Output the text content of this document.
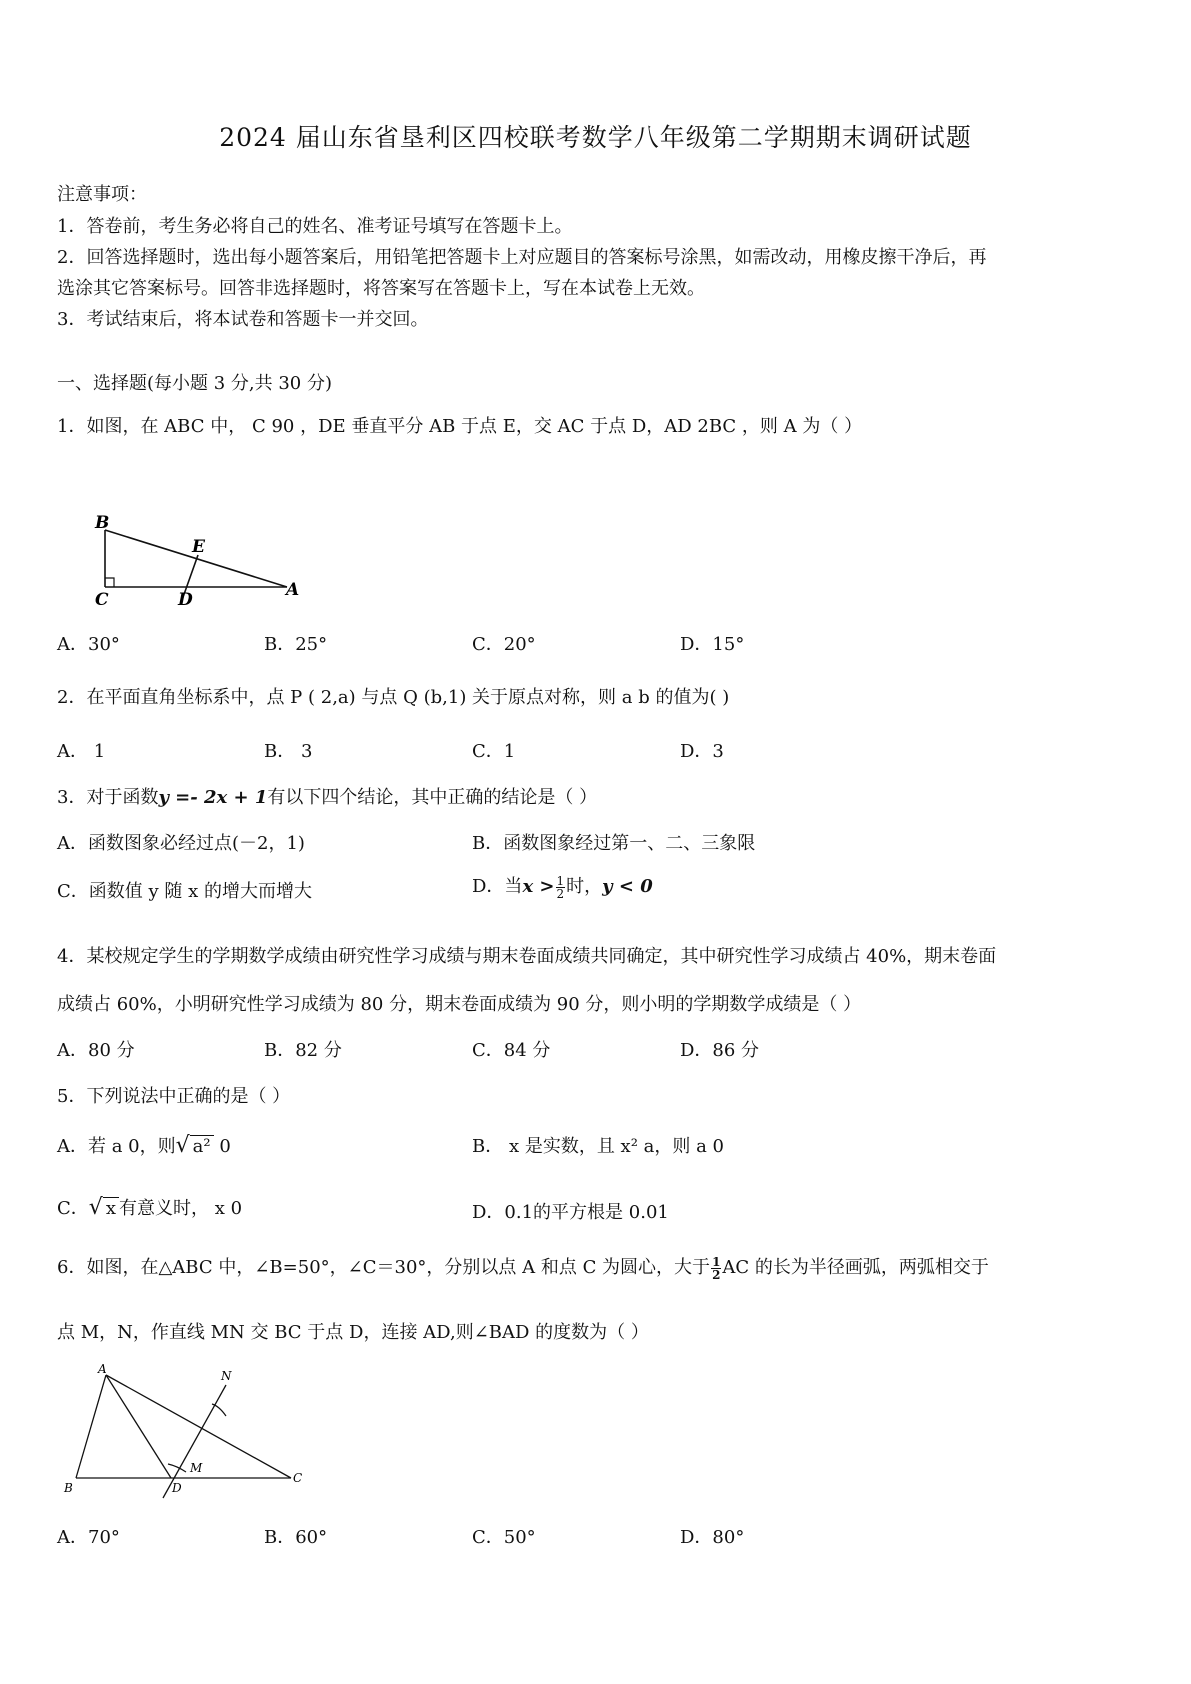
2024 届山东省垦利区四校联考数学八年级第二学期期末调研试题
注意事项：
1．答卷前，考生务必将自己的姓名、准考证号填写在答题卡上。
2．回答选择题时，选出每小题答案后，用铅笔把答题卡上对应题目的答案标号涂黑，如需改动，用橡皮擦干净后，再
选涂其它答案标号。回答非选择题时，将答案写在答题卡上，写在本试卷上无效。
3．考试结束后，将本试卷和答题卡一并交回。
一、选择题(每小题 3 分,共 30 分)
1．如图，在 ABC 中， C 90 ，DE 垂直平分 AB 于点 E，交 AC 于点 D，AD 2BC ，则 A 为（ ）
B
E
C	D	A
A．30°	B．25°	C．20°	D．15°
2．在平面直角坐标系中，点 P ( 2,a) 与点 Q (b,1) 关于原点对称，则 a b 的值为( )
A． 1	B． 3	C．1	D．3
3．对于函数y =- 2x + 1有以下四个结论，其中正确的结论是（ ）
A．函数图象必经过点(－2，1)	B．函数图象经过第一、二、三象限
C．函数值 y 随 x 的增大而增大	D．当$x > \frac{1}{2}$ 时，y < 0
4．某校规定学生的学期数学成绩由研究性学习成绩与期末卷面成绩共同确定，其中研究性学习成绩占 40%，期末卷面
成绩占 60%，小明研究性学习成绩为 80 分，期末卷面成绩为 90 分，则小明的学期数学成绩是（ ）
A．80 分	B．82 分	C．84 分	D．86 分
5．下列说法中正确的是（ ）
A．若 a 0，则√ a² 0	B． x 是实数，且 x² a，则 a 0
C．√x 有意义时， x 0	D．0.1的平方根是 0.01
6．如图，在△ABC 中，∠B=50°，∠C＝30°，分别以点 A 和点 C 为圆心，大于 $\frac{1}{2}$ AC 的长为半径画弧，两弧相交于
点 M，N，作直线 MN 交 BC 于点 D，连接 AD,则∠BAD 的度数为（ ）
A	N
M
B	D
C
A．70°	B．60°	C．50°	D．80°
